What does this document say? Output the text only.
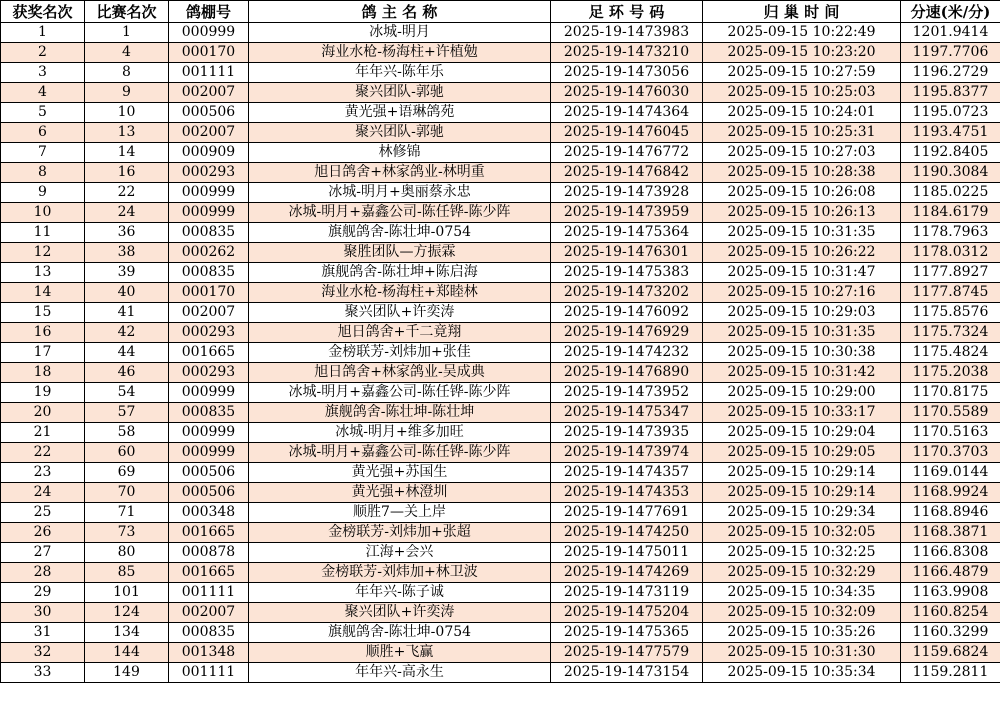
获奖名次	比赛名次	鸽棚号	鸽 主 名 称	足 环 号 码	归 巢 时 间	分速(米/分)
1	1	000999	冰城-明月	2025-19-1473983	2025-09-15 10:22:49	1201.9414
2	4	000170	海业水枪-杨海柱+许植勉	2025-19-1473210	2025-09-15 10:23:20	1197.7706
3	8	001111	年年兴-陈年乐	2025-19-1473056	2025-09-15 10:27:59	1196.2729
4	9	002007	聚兴团队-郭驰	2025-19-1476030	2025-09-15 10:25:03	1195.8377
5	10	000506	黄光强+语琳鸽苑	2025-19-1474364	2025-09-15 10:24:01	1195.0723
6	13	002007	聚兴团队-郭驰	2025-19-1476045	2025-09-15 10:25:31	1193.4751
7	14	000909	林修锦	2025-19-1476772	2025-09-15 10:27:03	1192.8405
8	16	000293	旭日鸽舍+林家鸽业-林明重	2025-19-1476842	2025-09-15 10:28:38	1190.3084
9	22	000999	冰城-明月+奥丽蔡永忠	2025-19-1473928	2025-09-15 10:26:08	1185.0225
10	24	000999	冰城-明月+嘉鑫公司-陈任铧-陈少阵	2025-19-1473959	2025-09-15 10:26:13	1184.6179
11	36	000835	旗舰鸽舍-陈壮坤-0754	2025-19-1475364	2025-09-15 10:31:35	1178.7963
12	38	000262	聚胜团队—方振霖	2025-19-1476301	2025-09-15 10:26:22	1178.0312
13	39	000835	旗舰鸽舍-陈壮坤+陈启海	2025-19-1475383	2025-09-15 10:31:47	1177.8927
14	40	000170	海业水枪-杨海柱+郑睦林	2025-19-1473202	2025-09-15 10:27:16	1177.8745
15	41	002007	聚兴团队+许奕涛	2025-19-1476092	2025-09-15 10:29:03	1175.8576
16	42	000293	旭日鸽舍+千二竟翔	2025-19-1476929	2025-09-15 10:31:35	1175.7324
17	44	001665	金榜联芳-刘炜加+张佳	2025-19-1474232	2025-09-15 10:30:38	1175.4824
18	46	000293	旭日鸽舍+林家鸽业-吴成典	2025-19-1476890	2025-09-15 10:31:42	1175.2038
19	54	000999	冰城-明月+嘉鑫公司-陈任铧-陈少阵	2025-19-1473952	2025-09-15 10:29:00	1170.8175
20	57	000835	旗舰鸽舍-陈壮坤-陈壮坤	2025-19-1475347	2025-09-15 10:33:17	1170.5589
21	58	000999	冰城-明月+维多加旺	2025-19-1473935	2025-09-15 10:29:04	1170.5163
22	60	000999	冰城-明月+嘉鑫公司-陈任铧-陈少阵	2025-19-1473974	2025-09-15 10:29:05	1170.3703
23	69	000506	黄光强+苏国生	2025-19-1474357	2025-09-15 10:29:14	1169.0144
24	70	000506	黄光强+林澄圳	2025-19-1474353	2025-09-15 10:29:14	1168.9924
25	71	000348	顺胜7—关上岸	2025-19-1477691	2025-09-15 10:29:34	1168.8946
26	73	001665	金榜联芳-刘炜加+张超	2025-19-1474250	2025-09-15 10:32:05	1168.3871
27	80	000878	江海+会兴	2025-19-1475011	2025-09-15 10:32:25	1166.8308
28	85	001665	金榜联芳-刘炜加+林卫波	2025-19-1474269	2025-09-15 10:32:29	1166.4879
29	101	001111	年年兴-陈子诚	2025-19-1473119	2025-09-15 10:34:35	1163.9908
30	124	002007	聚兴团队+许奕涛	2025-19-1475204	2025-09-15 10:32:09	1160.8254
31	134	000835	旗舰鸽舍-陈壮坤-0754	2025-19-1475365	2025-09-15 10:35:26	1160.3299
32	144	001348	顺胜+飞赢	2025-19-1477579	2025-09-15 10:31:30	1159.6824
33	149	001111	年年兴-高永生	2025-19-1473154	2025-09-15 10:35:34	1159.2811
